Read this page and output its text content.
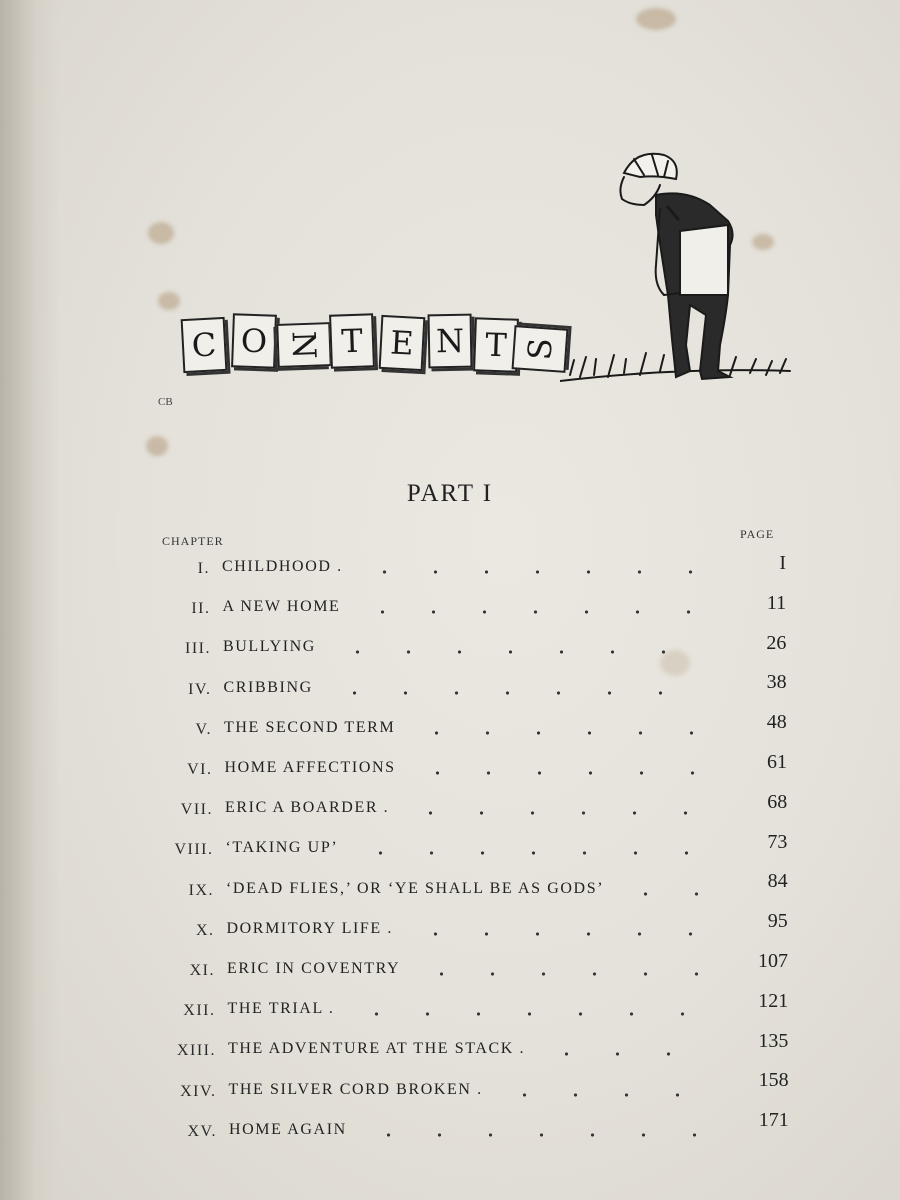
C O N T E N T S
CB
PART I
CHAPTER	PAGE
I. CHILDHOOD .	I
II. A NEW HOME	11
III. BULLYING	26
IV. CRIBBING	38
V. THE SECOND TERM	48
VI. HOME AFFECTIONS	61
VII. ERIC A BOARDER .	68
VIII. ‘TAKING UP’	73
IX. ‘DEAD FLIES,’ OR ‘YE SHALL BE AS GODS’	84
X. DORMITORY LIFE .	95
XI. ERIC IN COVENTRY	107
XII. THE TRIAL .	121
XIII. THE ADVENTURE AT THE STACK .	135
XIV. THE SILVER CORD BROKEN .	158
XV. HOME AGAIN	171
